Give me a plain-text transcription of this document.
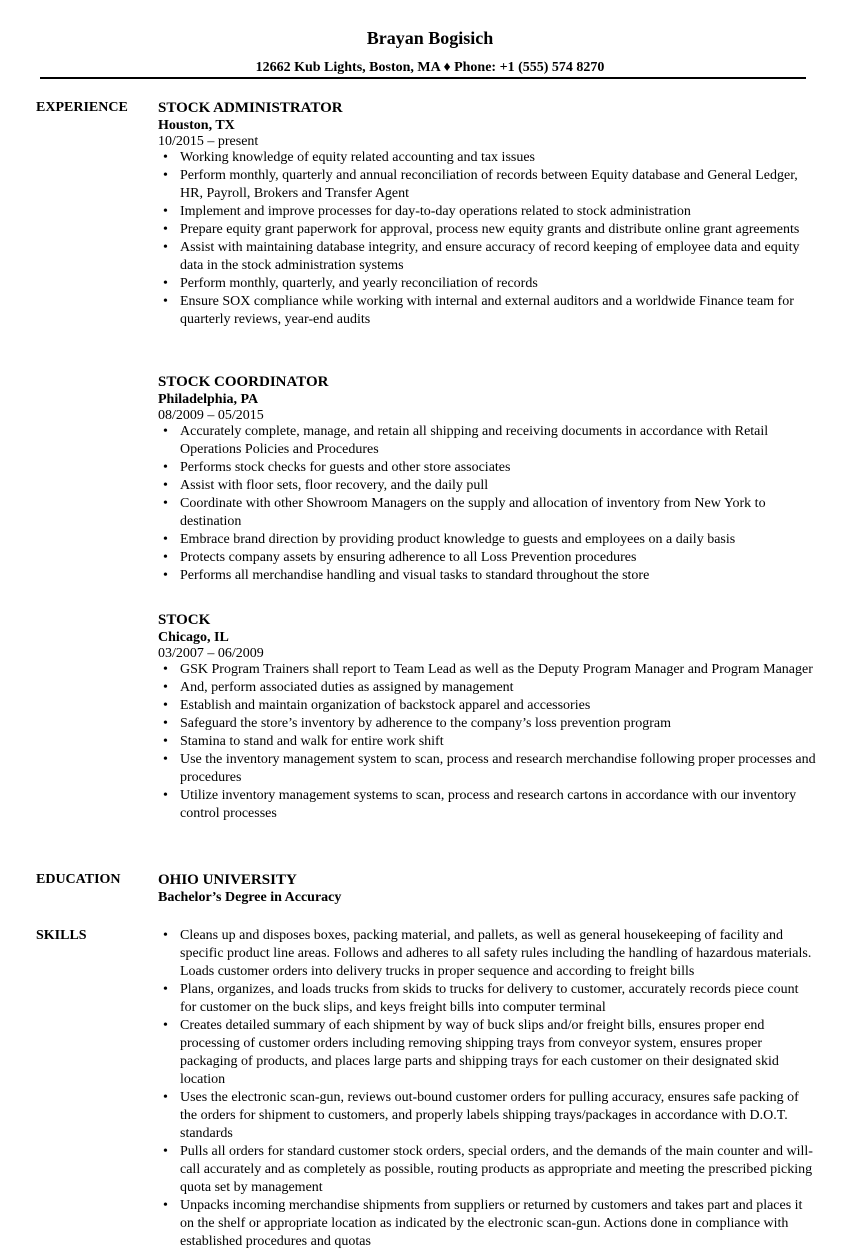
Brayan Bogisich
12662 Kub Lights, Boston, MA ♦ Phone: +1 (555) 574 8270
EXPERIENCE STOCK ADMINISTRATOR
Houston, TX
10/2015 – present
• Working knowledge of equity related accounting and tax issues
• Perform monthly, quarterly and annual reconciliation of records between Equity database and General Ledger, HR, Payroll, Brokers and Transfer Agent
• Implement and improve processes for day-to-day operations related to stock administration
• Prepare equity grant paperwork for approval, process new equity grants and distribute online grant agreements
• Assist with maintaining database integrity, and ensure accuracy of record keeping of employee data and equity data in the stock administration systems
• Perform monthly, quarterly, and yearly reconciliation of records
• Ensure SOX compliance while working with internal and external auditors and a worldwide Finance team for quarterly reviews, year-end audits
STOCK COORDINATOR
Philadelphia, PA
08/2009 – 05/2015
• Accurately complete, manage, and retain all shipping and receiving documents in accordance with Retail Operations Policies and Procedures
• Performs stock checks for guests and other store associates
• Assist with floor sets, floor recovery, and the daily pull
• Coordinate with other Showroom Managers on the supply and allocation of inventory from New York to destination
• Embrace brand direction by providing product knowledge to guests and employees on a daily basis
• Protects company assets by ensuring adherence to all Loss Prevention procedures
• Performs all merchandise handling and visual tasks to standard throughout the store
STOCK
Chicago, IL
03/2007 – 06/2009
• GSK Program Trainers shall report to Team Lead as well as the Deputy Program Manager and Program Manager
• And, perform associated duties as assigned by management
• Establish and maintain organization of backstock apparel and accessories
• Safeguard the store’s inventory by adherence to the company’s loss prevention program
• Stamina to stand and walk for entire work shift
• Use the inventory management system to scan, process and research merchandise following proper processes and procedures
• Utilize inventory management systems to scan, process and research cartons in accordance with our inventory control processes
EDUCATION OHIO UNIVERSITY
Bachelor’s Degree in Accuracy
SKILLS	• Cleans up and disposes boxes, packing material, and pallets, as well as general housekeeping of facility and specific product line areas. Follows and adheres to all safety rules including the handling of hazardous materials. Loads customer orders into delivery trucks in proper sequence and according to freight bills
• Plans, organizes, and loads trucks from skids to trucks for delivery to customer, accurately records piece count for customer on the buck slips, and keys freight bills into computer terminal
• Creates detailed summary of each shipment by way of buck slips and/or freight bills, ensures proper end processing of customer orders including removing shipping trays from conveyor system, ensures proper packaging of products, and places large parts and shipping trays for each customer on their designated skid location
• Uses the electronic scan-gun, reviews out-bound customer orders for pulling accuracy, ensures safe packing of the orders for shipment to customers, and properly labels shipping trays/packages in accordance with D.O.T. standards
• Pulls all orders for standard customer stock orders, special orders, and the demands of the main counter and will-call accurately and as completely as possible, routing products as appropriate and meeting the prescribed picking quota set by management
• Unpacks incoming merchandise shipments from suppliers or returned by customers and takes part and places it on the shelf or appropriate location as indicated by the electronic scan-gun. Actions done in compliance with established procedures and quotas
